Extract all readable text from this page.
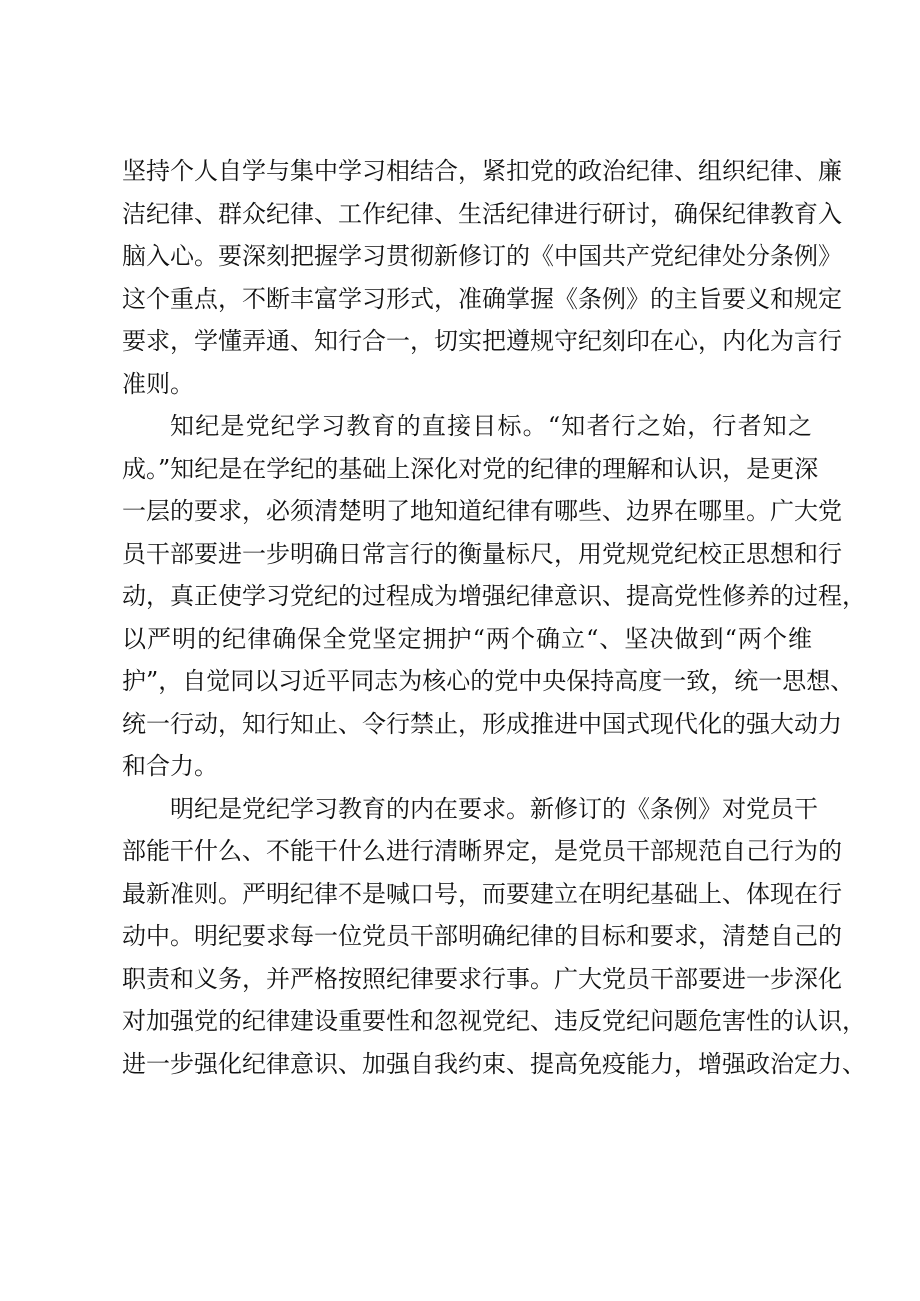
坚持个人自学与集中学习相结合，紧扣党的政治纪律、组织纪律、廉
洁纪律、群众纪律、工作纪律、生活纪律进行研讨，确保纪律教育入
脑入心。要深刻把握学习贯彻新修订的《中国共产党纪律处分条例》
这个重点，不断丰富学习形式，准确掌握《条例》的主旨要义和规定
要求，学懂弄通、知行合一，切实把遵规守纪刻印在心，内化为言行
准则。
知纪是党纪学习教育的直接目标。“知者行之始，行者知之
成。”知纪是在学纪的基础上深化对党的纪律的理解和认识，是更深
一层的要求，必须清楚明了地知道纪律有哪些、边界在哪里。广大党
员干部要进一步明确日常言行的衡量标尺，用党规党纪校正思想和行
动，真正使学习党纪的过程成为增强纪律意识、提高党性修养的过程，
以严明的纪律确保全党坚定拥护“两个确立“、坚决做到“两个维
护”，自觉同以习近平同志为核心的党中央保持高度一致，统一思想、
统一行动，知行知止、令行禁止，形成推进中国式现代化的强大动力
和合力。
明纪是党纪学习教育的内在要求。新修订的《条例》对党员干
部能干什么、不能干什么进行清晰界定，是党员干部规范自己行为的
最新准则。严明纪律不是喊口号，而要建立在明纪基础上、体现在行
动中。明纪要求每一位党员干部明确纪律的目标和要求，清楚自己的
职责和义务，并严格按照纪律要求行事。广大党员干部要进一步深化
对加强党的纪律建设重要性和忽视党纪、违反党纪问题危害性的认识，
进一步强化纪律意识、加强自我约束、提高免疫能力，增强政治定力、
